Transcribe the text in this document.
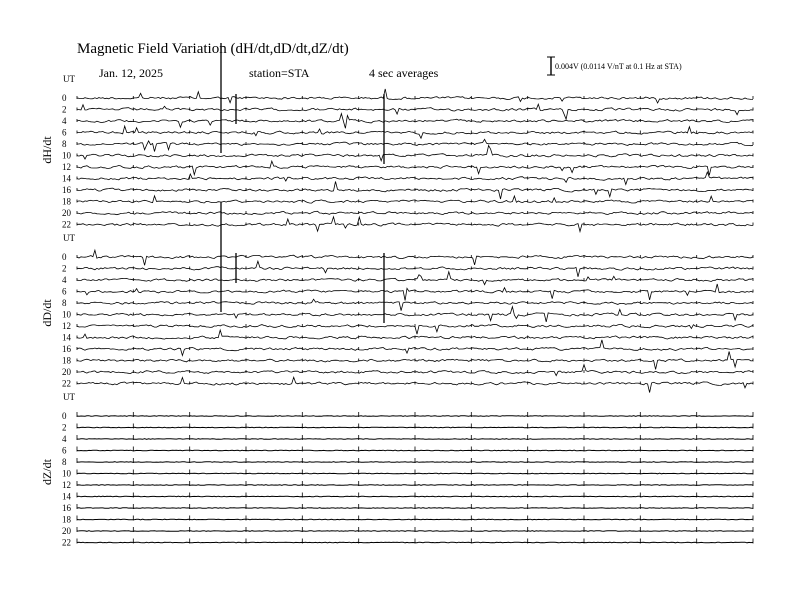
Magnetic Field Variation (dH/dt,dD/dt,dZ/dt)
Jan. 12, 2025	station=STA	4 sec averages	0.004V (0.0114 V/nT at 0.1 Hz at STA)
UT
dH/dt
0
2
4
6
8
10
12
14
16
18
20
22
UT
dD/dt
0
2
4
6
8
10
12
14
16
18
20
22
UT
dZ/dt
0
2
4
6
8
10
12
14
16
18
20
22
